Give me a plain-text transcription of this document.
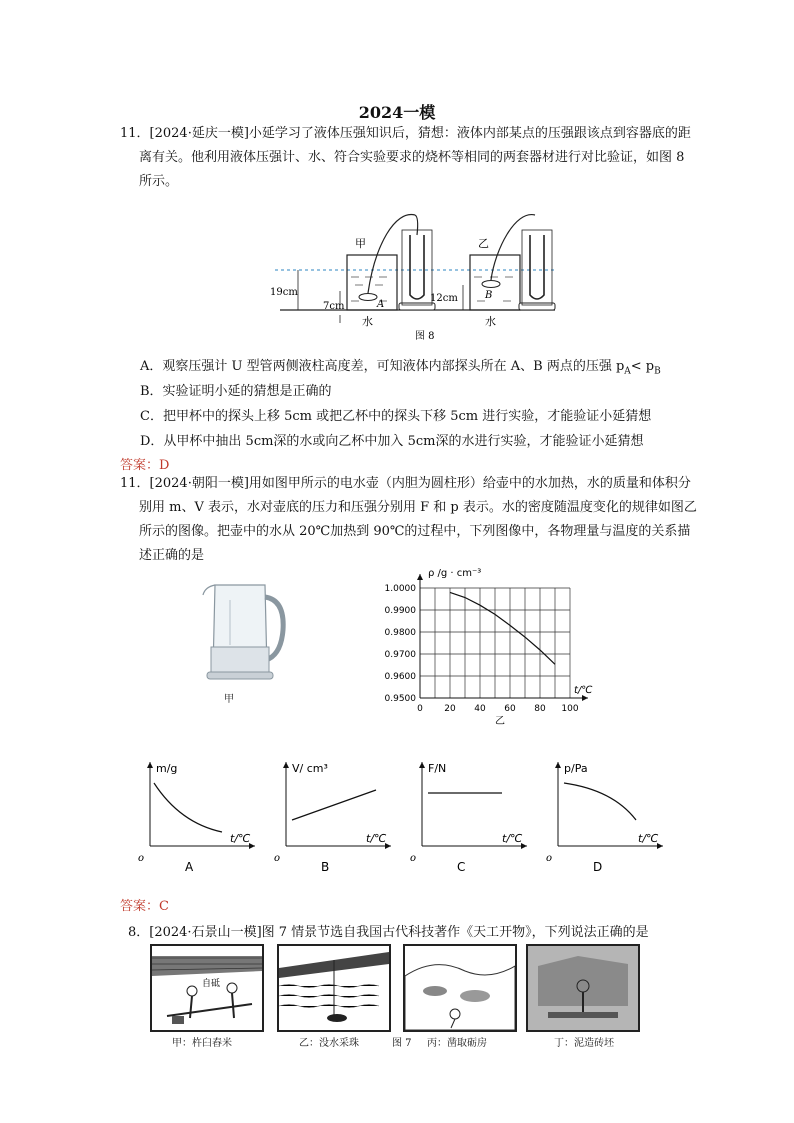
2024一模
11．[2024·延庆一模]小延学习了液体压强知识后，猜想：液体内部某点的压强跟该点到容器底的距离有关。他利用液体压强计、水、符合实验要求的烧杯等相同的两套器材进行对比验证，如图 8 所示。
甲	乙
19cm
7cm
12cm
A
B
水	水
图 8
A．观察压强计 U 型管两侧液柱高度差，可知液体内部探头所在 A、B 两点的压强 $p_A< p_B$
B．实验证明小延的猜想是正确的
C．把甲杯中的探头上移 5cm 或把乙杯中的探头下移 5cm 进行实验，才能验证小延猜想
D．从甲杯中抽出 5cm深的水或向乙杯中加入 5cm深的水进行实验，才能验证小延猜想
答案：D
11．[2024·朝阳一模]用如图甲所示的电水壶（内胆为圆柱形）给壶中的水加热，水的质量和体积分别用 m、V 表示，水对壶底的压力和压强分别用 F 和 p 表示。水的密度随温度变化的规律如图乙所示的图像。把壶中的水从 20℃加热到 90℃的过程中，下列图像中，各物理量与温度的关系描述正确的是
甲
1.0000
0.9900
0.9800
0.9700
0.9600
0.9500
0 20 40 60 80 100
ρ /g · cm⁻³
t/℃
乙
m/g
t/℃
o
A
V/ cm³
t/℃
o
B
F/N
t/℃
o
C
p/Pa
t/℃
o
D
答案：C
8．[2024·石景山一模]图 7 情景节选自我国古代科技著作《天工开物》，下列说法正确的是
自砥
甲：杵臼舂米	乙：没水采珠	图 7 丙：凿取砺房	丁：泥造砖坯
